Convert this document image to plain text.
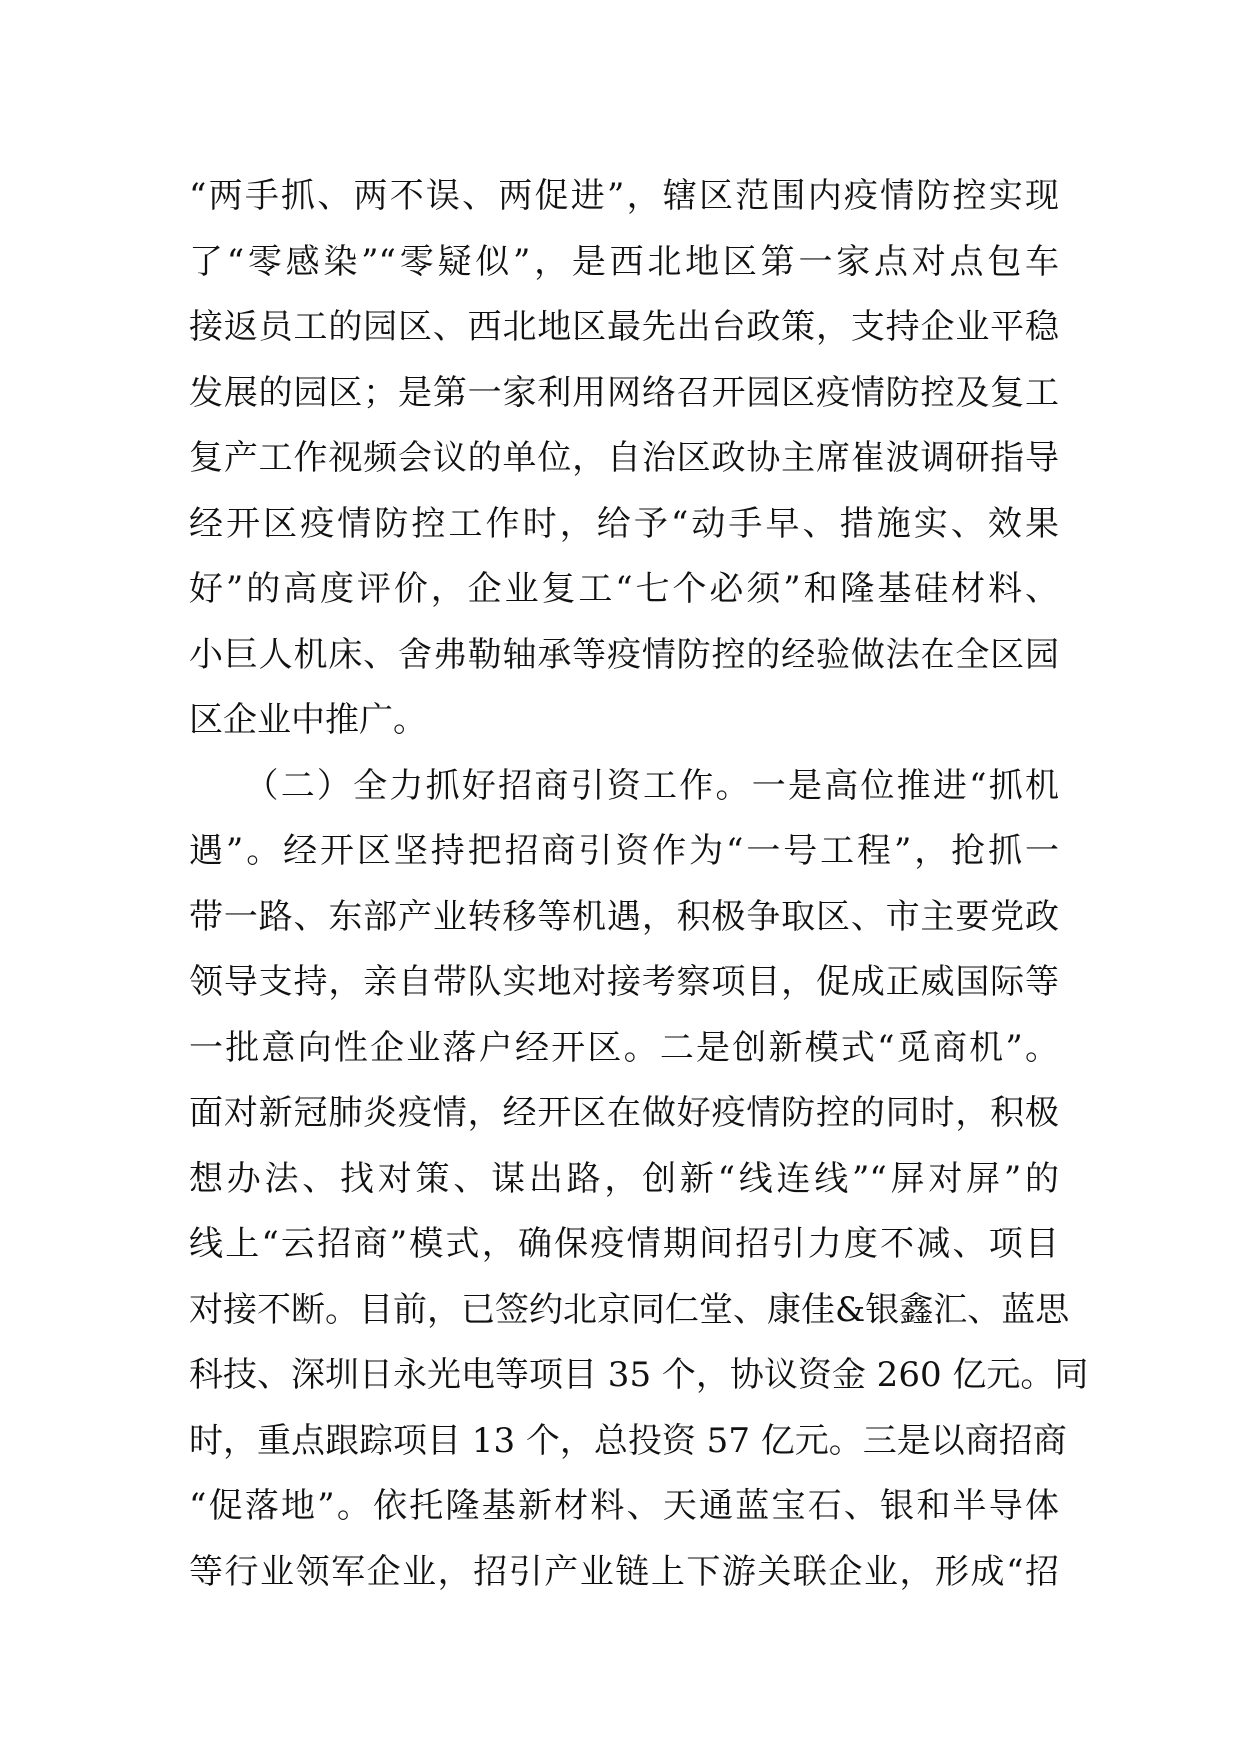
“两手抓、两不误、两促进”，辖区范围内疫情防控实现
了“零感染”“零疑似”，是西北地区第一家点对点包车
接返员工的园区、西北地区最先出台政策，支持企业平稳
发展的园区；是第一家利用网络召开园区疫情防控及复工
复产工作视频会议的单位，自治区政协主席崔波调研指导
经开区疫情防控工作时，给予“动手早、措施实、效果
好”的高度评价，企业复工“七个必须”和隆基硅材料、
小巨人机床、舍弗勒轴承等疫情防控的经验做法在全区园
区企业中推广。
　　（二）全力抓好招商引资工作。一是高位推进“抓机
遇”。经开区坚持把招商引资作为“一号工程”，抢抓一
带一路、东部产业转移等机遇，积极争取区、市主要党政
领导支持，亲自带队实地对接考察项目，促成正威国际等
一批意向性企业落户经开区。二是创新模式“觅商机”。
面对新冠肺炎疫情，经开区在做好疫情防控的同时，积极
想办法、找对策、谋出路，创新“线连线”“屏对屏”的
线上“云招商”模式，确保疫情期间招引力度不减、项目
对接不断。目前，已签约北京同仁堂、康佳&银鑫汇、蓝思
科技、深圳日永光电等项目 35 个，协议资金 260 亿元。同
时，重点跟踪项目 13 个，总投资 57 亿元。三是以商招商
“促落地”。依托隆基新材料、天通蓝宝石、银和半导体
等行业领军企业，招引产业链上下游关联企业，形成“招
